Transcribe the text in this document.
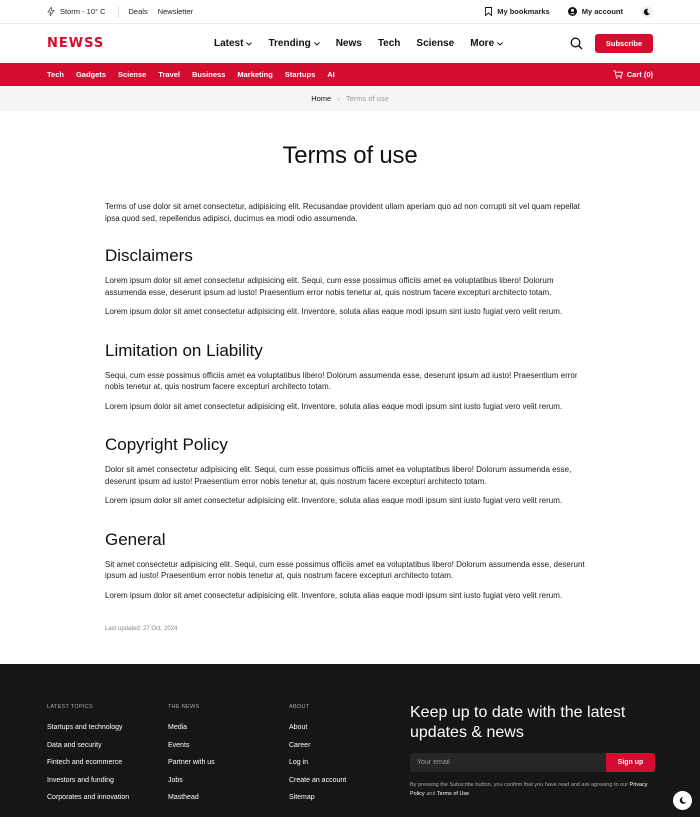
Storm - 10° C	Deals Newsletter	My bookmarks	My account
NEWSS	Latest	Trending	News Tech Sciense More	Subscribe
Tech Gadgets Sciense Travel Business Marketing Startups AI	Cart (0)
Home › Terms of use
Terms of use

Terms of use dolor sit amet consectetur, adipisicing elit. Recusandae provident ullam aperiam quo ad non corrupti sit vel quam repellat ipsa quod sed, repellendus adipisci, ducimus ea modi odio assumenda.

Disclaimers

Lorem ipsum dolor sit amet consectetur adipisicing elit. Sequi, cum esse possimus officiis amet ea voluptatibus libero! Dolorum assumenda esse, deserunt ipsum ad iusto! Praesentium error nobis tenetur at, quis nostrum facere excepturi architecto totam.

Lorem ipsum dolor sit amet consectetur adipisicing elit. Inventore, soluta alias eaque modi ipsum sint iusto fugiat vero velit rerum.

Limitation on Liability

Sequi, cum esse possimus officiis amet ea voluptatibus libero! Dolorum assumenda esse, deserunt ipsum ad iusto! Praesentium error nobis tenetur at, quis nostrum facere excepturi architecto totam.

Lorem ipsum dolor sit amet consectetur adipisicing elit. Inventore, soluta alias eaque modi ipsum sint iusto fugiat vero velit rerum.

Copyright Policy

Dolor sit amet consectetur adipisicing elit. Sequi, cum esse possimus officiis amet ea voluptatibus libero! Dolorum assumenda esse, deserunt ipsum ad iusto! Praesentium error nobis tenetur at, quis nostrum facere excepturi architecto totam.

Lorem ipsum dolor sit amet consectetur adipisicing elit. Inventore, soluta alias eaque modi ipsum sint iusto fugiat vero velit rerum.

General

Sit amet consectetur adipisicing elit. Sequi, cum esse possimus officiis amet ea voluptatibus libero! Dolorum assumenda esse, deserunt ipsum ad iusto! Praesentium error nobis tenetur at, quis nostrum facere excepturi architecto totam.

Lorem ipsum dolor sit amet consectetur adipisicing elit. Inventore, soluta alias eaque modi ipsum sint iusto fugiat vero velit rerum.

Last updated: 27 Oct, 2024
LATEST TOPICS
Startups and technology
Data and security
Fintech and ecommerce
Investors and funding
Corporates and innovation
THE NEWS
Media
Events
Partner with us
Jobs
Masthead
ABOUT
About
Career
Log in
Create an account
Sitemap
Keep up to date with the latest updates & news
Your email
Sign up

By pressing the Subscribe button, you confirm that you have read and are agreeing to our Privacy Policy and Terms of Use
